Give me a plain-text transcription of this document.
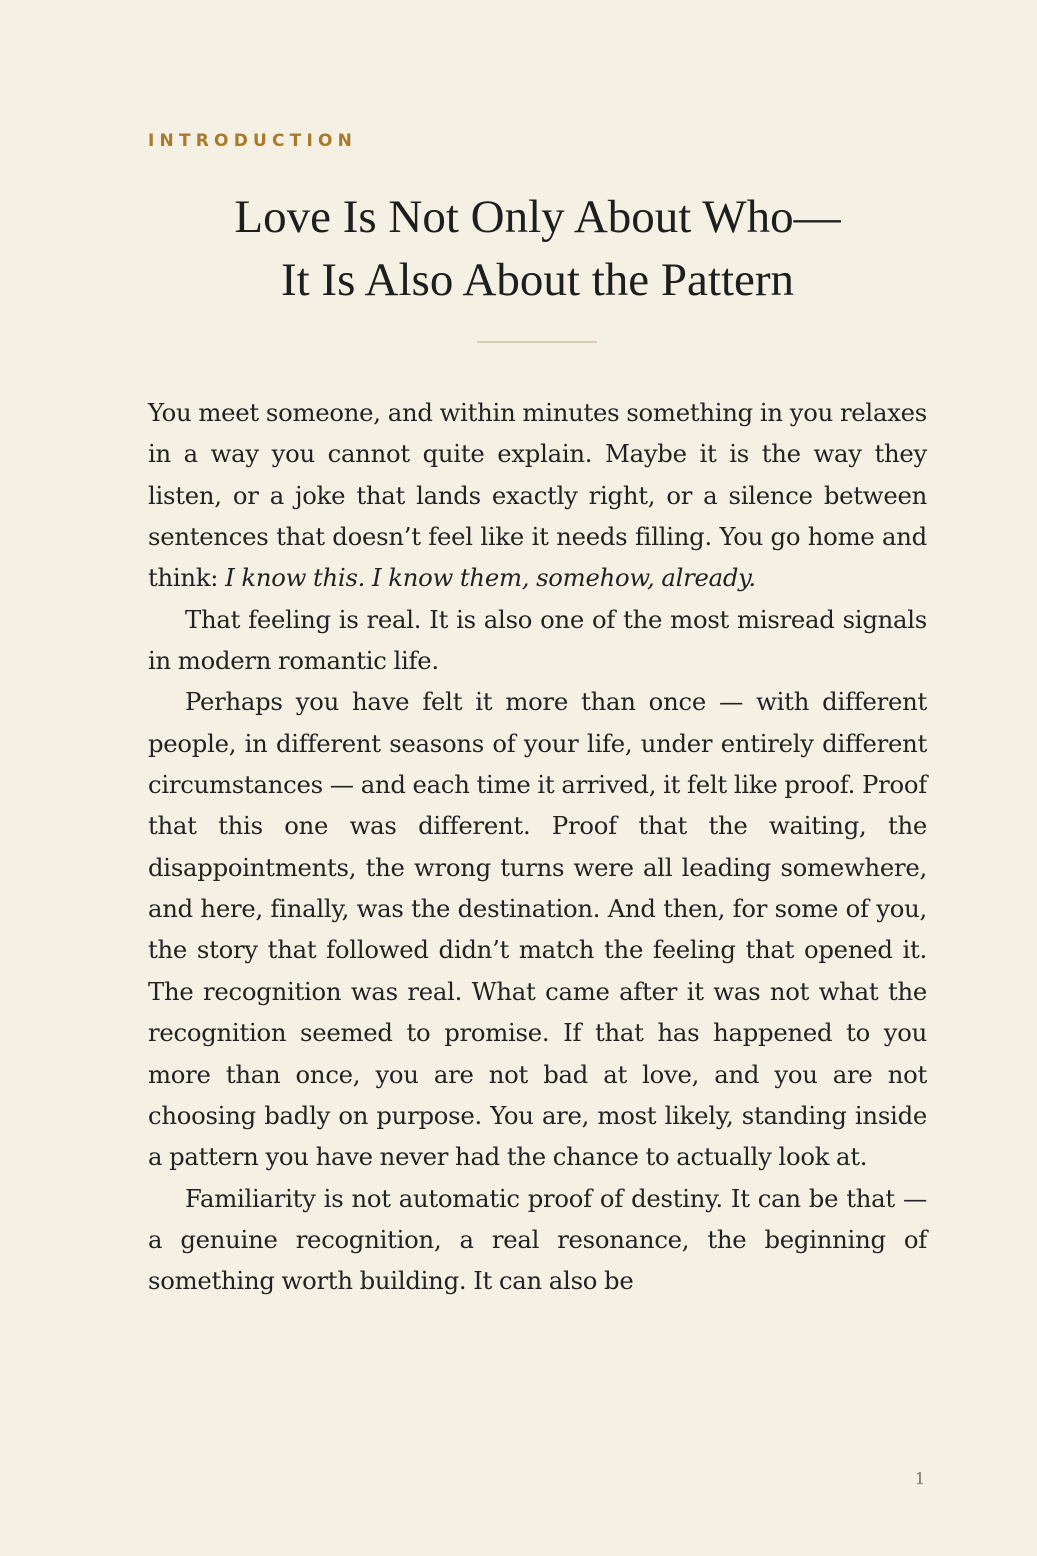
INTRODUCTION
Love Is Not Only About Who—
It Is Also About the Pattern

You meet someone, and within minutes something in you relaxes in a way you cannot quite explain. Maybe it is the way they listen, or a joke that lands exactly right, or a silence between sentences that doesn’t feel like it needs filling. You go home and think: I know this. I know them, somehow, already.

That feeling is real. It is also one of the most misread signals in modern romantic life.

Perhaps you have felt it more than once — with different people, in different seasons of your life, under entirely different circumstances — and each time it arrived, it felt like proof. Proof that this one was different. Proof that the waiting, the disappointments, the wrong turns were all leading somewhere, and here, finally, was the destination. And then, for some of you, the story that followed didn’t match the feeling that opened it. The recognition was real. What came after it was not what the recognition seemed to promise. If that has happened to you more than once, you are not bad at love, and you are not choosing badly on purpose. You are, most likely, standing inside a pattern you have never had the chance to actually look at.

Familiarity is not automatic proof of destiny. It can be that — a genuine recognition, a real resonance, the beginning of something worth building. It can also be

1
